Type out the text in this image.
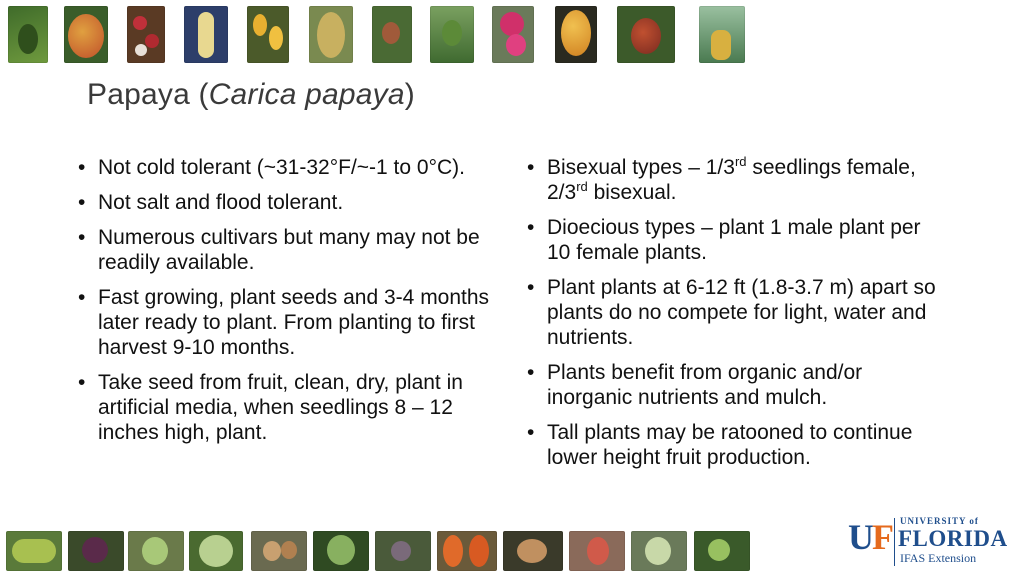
Papaya (Carica papaya)
• Not cold tolerant (~31-32°F/~-1 to 0°C).
• Not salt and flood tolerant.
• Numerous cultivars but many may not be readily available.
• Fast growing, plant seeds and 3-4 months later ready to plant. From planting to first harvest 9-10 months.
• Take seed from fruit, clean, dry, plant in artificial media, when seedlings 8 – 12 inches high, plant.
• Bisexual types – 1/3rd seedlings female, 2/3rd bisexual.
• Dioecious types – plant 1 male plant per 10 female plants.
• Plant plants at 6-12 ft (1.8-3.7 m) apart so plants do no compete for light, water and nutrients.
• Plants benefit from organic and/or inorganic nutrients and mulch.
• Tall plants may be ratooned to continue lower height fruit production.
UF UNIVERSITY of
FLORIDA
IFAS Extension
